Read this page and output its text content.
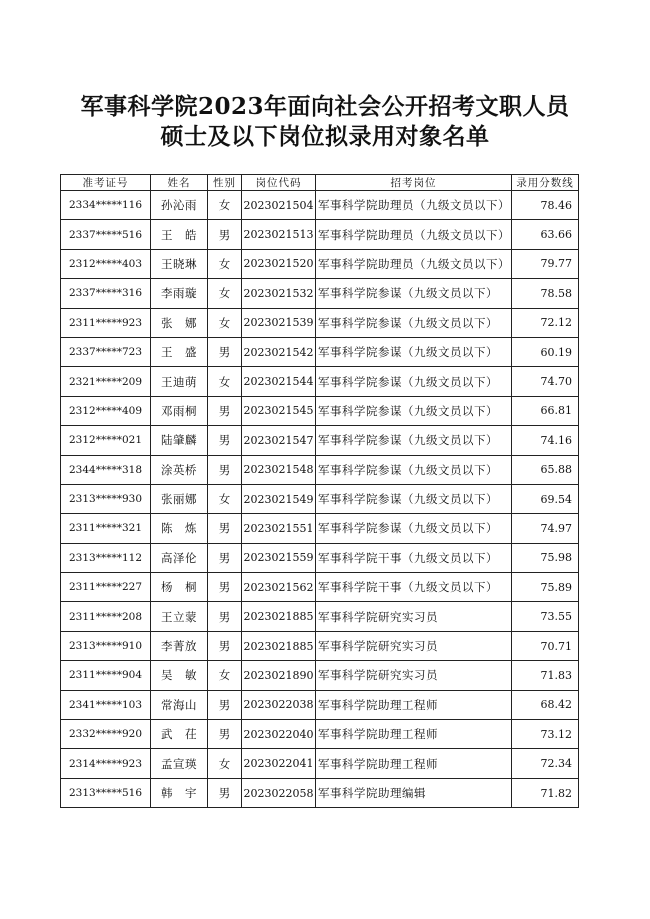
军事科学院2023年面向社会公开招考文职人员
硕士及以下岗位拟录用对象名单
准考证号	姓名	性别	岗位代码	招考岗位	录用分数线
2334*****116	孙沁雨	女	2023021504	军事科学院助理员（九级文员以下）	78.46
2337*****516	王　皓	男	2023021513	军事科学院助理员（九级文员以下）	63.66
2312*****403	王晓琳	女	2023021520	军事科学院助理员（九级文员以下）	79.77
2337*****316	李雨璇	女	2023021532	军事科学院参谋（九级文员以下）	78.58
2311*****923	张　娜	女	2023021539	军事科学院参谋（九级文员以下）	72.12
2337*****723	王　盛	男	2023021542	军事科学院参谋（九级文员以下）	60.19
2321*****209	王迪萌	女	2023021544	军事科学院参谋（九级文员以下）	74.70
2312*****409	邓雨桐	男	2023021545	军事科学院参谋（九级文员以下）	66.81
2312*****021	陆肇麟	男	2023021547	军事科学院参谋（九级文员以下）	74.16
2344*****318	涂英桥	男	2023021548	军事科学院参谋（九级文员以下）	65.88
2313*****930	张丽娜	女	2023021549	军事科学院参谋（九级文员以下）	69.54
2311*****321	陈　炼	男	2023021551	军事科学院参谋（九级文员以下）	74.97
2313*****112	高泽伦	男	2023021559	军事科学院干事（九级文员以下）	75.98
2311*****227	杨　桐	男	2023021562	军事科学院干事（九级文员以下）	75.89
2311*****208	王立蒙	男	2023021885	军事科学院研究实习员	73.55
2313*****910	李菁放	男	2023021885	军事科学院研究实习员	70.71
2311*****904	吴　敏	女	2023021890	军事科学院研究实习员	71.83
2341*****103	常海山	男	2023022038	军事科学院助理工程师	68.42
2332*****920	武　茌	男	2023022040	军事科学院助理工程师	73.12
2314*****923	孟宣瑛	女	2023022041	军事科学院助理工程师	72.34
2313*****516	韩　宇	男	2023022058	军事科学院助理编辑	71.82
